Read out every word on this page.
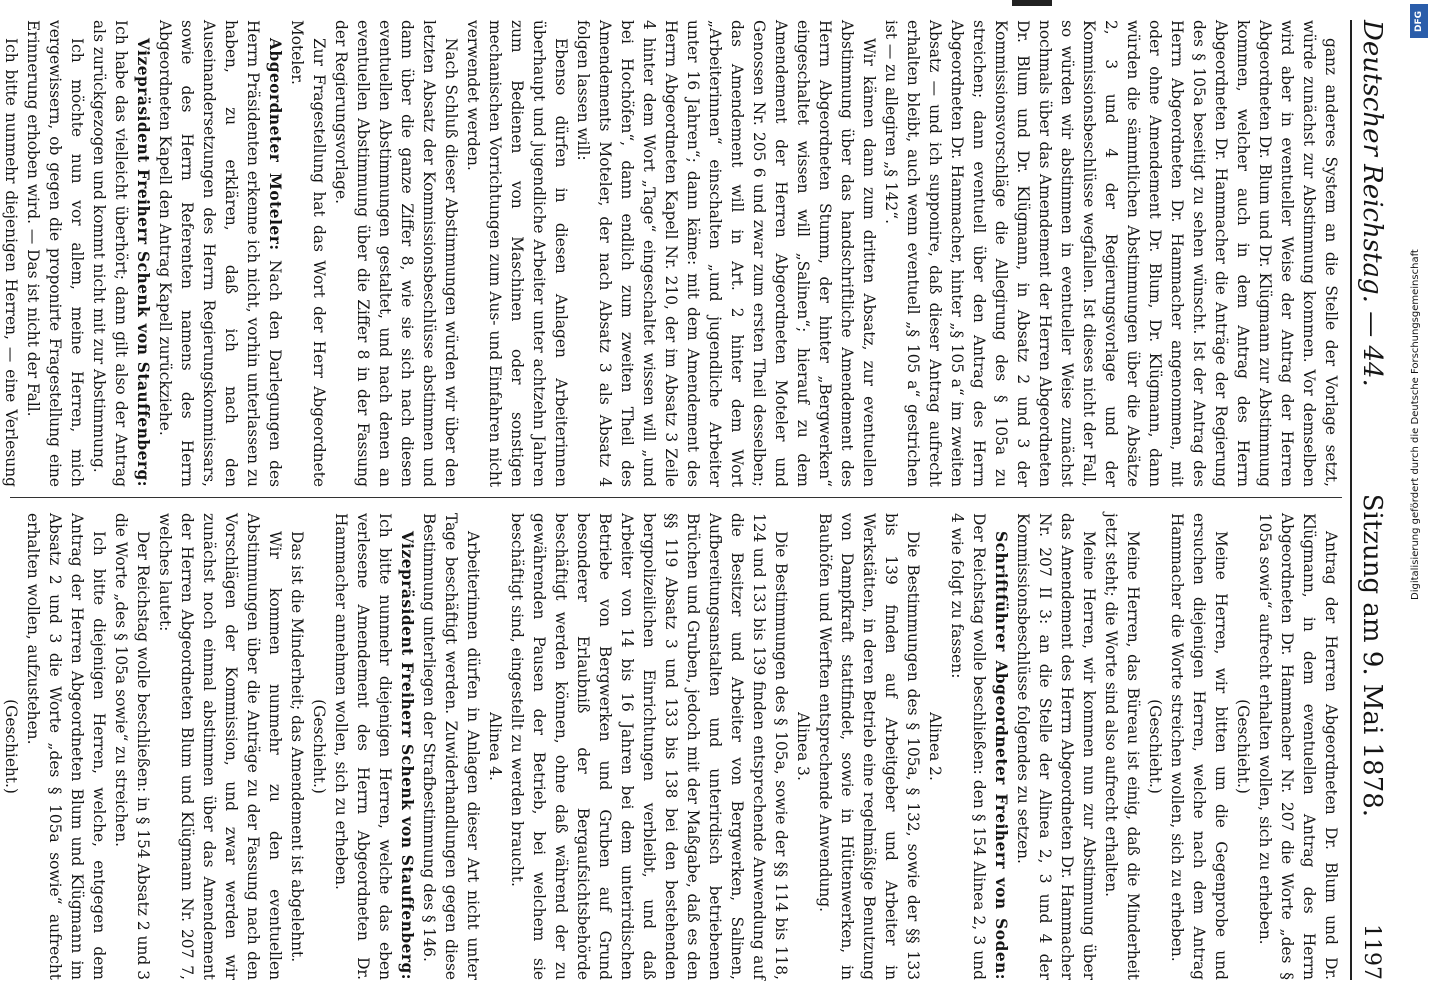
Deutscher Reichstag. — 44.
Sitzung am 9. Mai 1878.
1197

ganz anderes System an die Stelle der Vorlage setzt, würde zunächst zur Abstimmung kommen. Vor demselben wird aber in eventueller Weise der Antrag der Herren Abgeordneten Dr. Blum und Dr. Klügmann zur Abstimmung kommen, welcher auch in dem Antrag des Herrn Abgeordneten Dr. Hammacher die Anträge der Regierung des § 105a beseitigt zu sehen wünscht. Ist der Antrag des Herrn Abgeordneten Dr. Hammacher angenommen, mit oder ohne Amendement Dr. Blum, Dr. Klügmann, dann würden die sämmtlichen Abstimmungen über die Absätze 2, 3 und 4 der Regierungsvorlage und der Kommissionsbeschlüsse wegfallen. Ist dieses nicht der Fall, so würden wir abstimmen in eventueller Weise zunächst nochmals über das Amendement der Herren Abgeordneten Dr. Blum und Dr. Klügmann, in Absatz 2 und 3 der Kommissionsvorschläge die Allegirung des § 105a zu streichen; dann eventuell über den Antrag des Herrn Abgeordneten Dr. Hammacher, hinter „§ 105 a“ im zweiten Absatz — und ich supponire, daß dieser Antrag aufrecht erhalten bleibt, auch wenn eventuell „§ 105 a“ gestrichen ist — zu allegiren „§ 142“.

Wir kämen dann zum dritten Absatz, zur eventuellen Abstimmung über das handschriftliche Amendement des Herrn Abgeordneten Stumm, der hinter „Bergwerken“ eingeschaltet wissen will „Salinen“; hierauf zu dem Amendement der Herren Abgeordneten Moteler und Genossen Nr. 205 6 und zwar zum ersten Theil desselben; das Amendement will in Art. 2 hinter dem Wort „Arbeiterinnen“ einschalten „und jugendliche Arbeiter unter 16 Jahren“; dann käme: mit dem Amendement des Herrn Abgeordneten Kapell Nr. 210, der im Absatz 3 Zeile 4 hinter dem Wort „Tage“ eingeschaltet wissen will „und bei Hochöfen“, dann endlich zum zweiten Theil des Amendements Moteler, der nach Absatz 3 als Absatz 4 folgen lassen will:

Ebenso dürfen in diesen Anlagen Arbeiterinnen überhaupt und jugendliche Arbeiter unter achtzehn Jahren zum Bedienen von Maschinen oder sonstigen mechanischen Vorrichtungen zum Aus- und Einfahren nicht verwendet werden.

Nach Schluß dieser Abstimmungen würden wir über den letzten Absatz der Kommissionsbeschlüsse abstimmen und dann über die ganze Ziffer 8, wie sie sich nach diesen eventuellen Abstimmungen gestaltet, und nach denen an eventuellen Abstimmung über die Ziffer 8 in der Fassung der Regierungsvorlage.

Zur Fragestellung hat das Wort der Herr Abgeordnete Moteler.

Abgeordneter Moteler: Nach den Darlegungen des Herrn Präsidenten erkenne ich nicht, vorhin unterlassen zu haben, zu erklären, daß ich nach den Auseinandersetzungen des Herrn Regierungskommissars, sowie des Herrn Referenten namens des Herrn Abgeordneten Kapell den Antrag Kapell zurückziehe.

Vizepräsident Freiherr Schenk von Stauffenberg: Ich habe das vielleicht überhört; dann gilt also der Antrag als zurückgezogen und kommt nicht mit zur Abstimmung.

Ich möchte nun vor allem, meine Herren, mich vergewissern, ob gegen die proponirte Fragestellung eine Erinnerung erhoben wird. — Das ist nicht der Fall.

Ich bitte nunmehr diejenigen Herren, — eine Verlesung

Antrag der Herren Abgeordneten Dr. Blum und Dr. Klügmann, in dem eventuellen Antrag des Herrn Abgeordneten Dr. Hammacher Nr. 207 die Worte „des § 105a sowie“ aufrecht erhalten wollen, sich zu erheben.

(Geschieht.)

Meine Herren, wir bitten um die Gegenprobe und ersuchen diejenigen Herren, welche nach dem Antrag Hammacher die Worte streichen wollen, sich zu erheben.

(Geschieht.)

Meine Herren, das Büreau ist einig, daß die Minderheit jetzt steht; die Worte sind also aufrecht erhalten.

Meine Herren, wir kommen nun zur Abstimmung über das Amendement des Herrn Abgeordneten Dr. Hammacher Nr. 207 II 3: an die Stelle der Alinea 2, 3 und 4 der Kommissionsbeschlüsse folgendes zu setzen.

Schriftführer Abgeordneter Freiherr von Soden: Der Reichstag wolle beschließen: den § 154 Alinea 2, 3 und 4 wie folgt zu fassen:

Alinea 2.

Die Bestimmungen des § 105a, § 132, sowie der §§ 133 bis 139 finden auf Arbeitgeber und Arbeiter in Werkstätten, in deren Betrieb eine regelmäßige Benutzung von Dampfkraft stattfindet, sowie in Hüttenwerken, in Bauhöfen und Werften entsprechende Anwendung.

Alinea 3.

Die Bestimmungen des § 105a, sowie der §§ 114 bis 118, 124 und 133 bis 139 finden entsprechende Anwendung auf die Besitzer und Arbeiter von Bergwerken, Salinen, Aufbereitungsanstalten und unterirdisch betriebenen Brüchen und Gruben, jedoch mit der Maßgabe, daß es den §§ 119 Absatz 3 und 133 bis 138 bei den bestehenden bergpolizeilichen Einrichtungen verbleibt, und daß Arbeiter von 14 bis 16 Jahren bei dem unterirdischen Betriebe von Bergwerken und Gruben auf Grund besonderer Erlaubniß der Bergaufsichtsbehörde beschäftigt werden können, ohne daß während der zu gewährenden Pausen der Betrieb, bei welchem sie beschäftigt sind, eingestellt zu werden braucht.

Alinea 4.

Arbeiterinnen dürfen in Anlagen dieser Art nicht unter Tage beschäftigt werden. Zuwiderhandlungen gegen diese Bestimmung unterliegen der Strafbestimmung des § 146.

Vizepräsident Freiherr Schenk von Stauffenberg: Ich bitte nunmehr diejenigen Herren, welche das eben verlesene Amendement des Herrn Abgeordneten Dr. Hammacher annehmen wollen, sich zu erheben.

(Geschieht.)

Das ist die Minderheit; das Amendement ist abgelehnt.

Wir kommen nunmehr zu den eventuellen Abstimmungen über die Anträge zu der Fassung nach den Vorschlägen der Kommission, und zwar werden wir zunächst noch einmal abstimmen über das Amendement der Herren Abgeordneten Blum und Klügmann Nr. 207 7, welches lautet:

Der Reichstag wolle beschließen: in § 154 Absatz 2 und 3 die Worte „des § 105a sowie“ zu streichen.

Ich bitte diejenigen Herren, welche, entgegen dem Antrag der Herren Abgeordneten Blum und Klügmann im Absatz 2 und 3 die Worte „des § 105a sowie“ aufrecht erhalten wollen, aufzustehen.

(Geschieht.)

DFG
Digitalisierung gefördert durch die Deutsche Forschungsgemeinschaft
